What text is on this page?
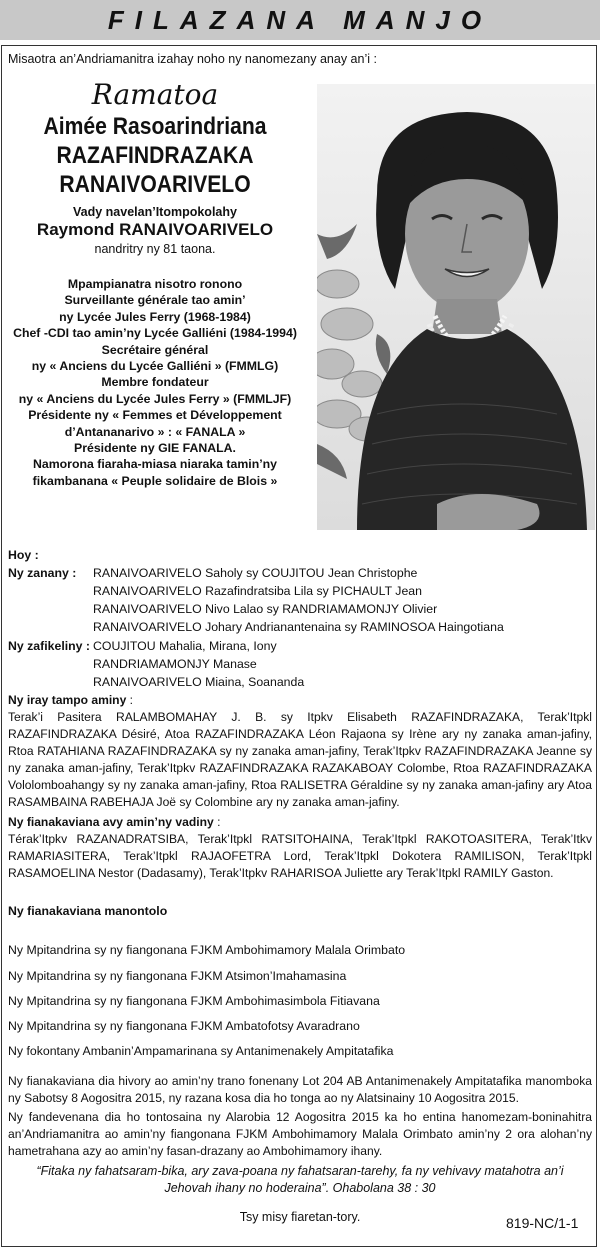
FILAZANA MANJO
Misaotra an’Andriamanitra izahay noho ny nanomezany anay an’i :
Ramatoa
Aimée Rasoarindriana
RAZAFINDRAZAKA
RANAIVOARIVELO
Vady navelan’Itompokolahy
Raymond RANAIVOARIVELO
nandritry ny 81 taona.
Mpampianatra nisotro ronono
Surveillante générale tao amin’
ny Lycée Jules Ferry (1968-1984)
Chef -CDI tao amin’ny Lycée Galliéni (1984-1994)
Secrétaire général
ny « Anciens du Lycée Galliéni » (FMMLG)
Membre fondateur
ny « Anciens du Lycée Jules Ferry » (FMMLJF)
Présidente ny « Femmes et Développement
d’Antananarivo » : « FANALA »
Présidente ny GIE FANALA.
Namorona fiaraha-miasa niaraka tamin’ny
fikambanana « Peuple solidaire de Blois »
Hoy :
Ny zanany : RANAIVOARIVELO Saholy sy COUJITOU Jean Christophe
RANAIVOARIVELO Razafindratsiba Lila sy PICHAULT Jean
RANAIVOARIVELO Nivo Lalao sy RANDRIAMAMONJY Olivier
RANAIVOARIVELO Johary Andrianantenaina sy RAMINOSOA Haingotiana
Ny zafikeliny : COUJITOU Mahalia, Mirana, Iony
RANDRIAMAMONJY Manase
RANAIVOARIVELO Miaina, Soananda
Ny iray tampo aminy :
Terak’i Pasitera RALAMBOMAHAY J. B. sy Itpkv Elisabeth RAZAFINDRAZAKA, Terak’Itpkl RAZAFINDRAZAKA Désiré, Atoa RAZAFINDRAZAKA Léon Rajaona sy Irène ary ny zanaka aman-jafiny, Rtoa RATAHIANA RAZAFINDRAZAKA sy ny zanaka aman-jafiny, Terak’Itpkv RAZAFINDRAZAKA Jeanne sy ny zanaka aman-jafiny, Terak’Itpkv RAZAFINDRAZAKA RAZAKABOAY Colombe, Rtoa RAZAFINDRAZAKA Vololomboahangy sy ny zanaka aman-jafiny, Rtoa RALISETRA Géraldine sy ny zanaka aman-jafiny ary Atoa RASAMBAINA RABEHAJA Joë sy Colombine ary ny zanaka aman-jafiny.
Ny fianakaviana avy amin’ny vadiny :
Térak’Itpkv RAZANADRATSIBA, Terak’Itpkl RATSITOHAINA, Terak’Itpkl RAKOTOASITERA, Terak’Itkv RAMARIASITERA, Terak’Itpkl RAJAOFETRA Lord, Terak’Itpkl Dokotera RAMILISON, Terak’Itpkl RASAMOELINA Nestor (Dadasamy), Terak’Itpkv RAHARISOA Juliette ary Terak’Itpkl RAMILY Gaston.
Ny fianakaviana manontolo
Ny Mpitandrina sy ny fiangonana FJKM Ambohimamory Malala Orimbato
Ny Mpitandrina sy ny fiangonana FJKM Atsimon’Imahamasina
Ny Mpitandrina sy ny fiangonana FJKM Ambohimasimbola Fitiavana
Ny Mpitandrina sy ny fiangonana FJKM Ambatofotsy Avaradrano
Ny fokontany Ambanin’Ampamarinana sy Antanimenakely Ampitatafika
Ny fianakaviana dia hivory ao amin’ny trano fonenany Lot 204 AB Antanimenakely Ampitatafika manomboka ny Sabotsy 8 Aogositra 2015, ny razana kosa dia ho tonga ao ny Alatsinainy 10 Aogositra 2015.
Ny fandevenana dia ho tontosaina ny Alarobia 12 Aogositra 2015 ka ho entina hanomezam-boninahitra an’Andriamanitra ao amin’ny fiangonana FJKM Ambohimamory Malala Orimbato amin’ny 2 ora alohan’ny hametrahana azy ao amin’ny fasan-drazany ao Ambohimamory ihany.
“Fitaka ny fahatsaram-bika, ary zava-poana ny fahatsaran-tarehy, fa ny vehivavy matahotra an’i Jehovah ihany no hoderaina”. Ohabolana 38 : 30
Tsy misy fiaretan-tory.	819-NC/1-1
